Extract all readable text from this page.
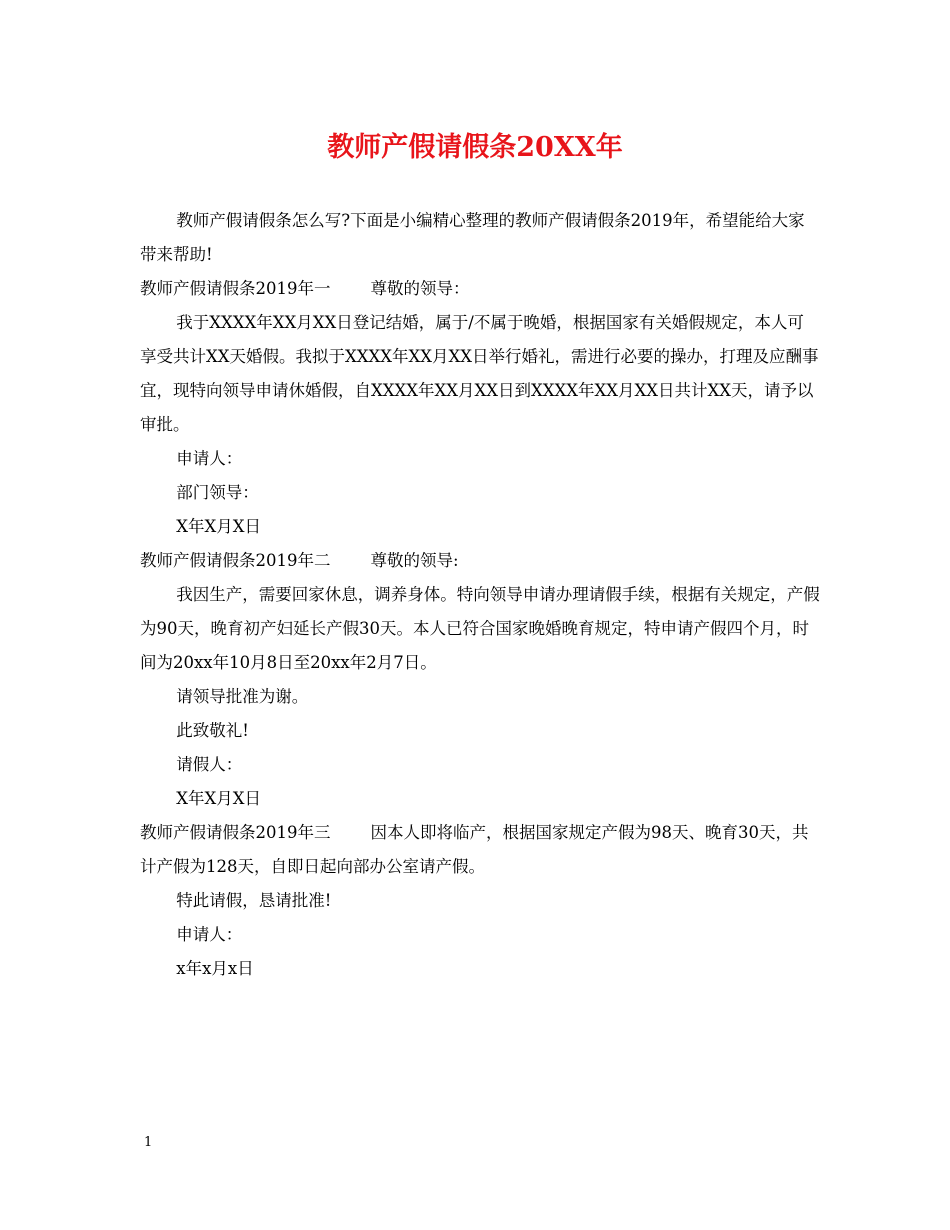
教师产假请假条20XX年

教师产假请假条怎么写?下面是小编精心整理的教师产假请假条2019年，希望能给大家带来帮助!

教师产假请假条2019年一 尊敬的领导：

我于XXXX年XX月XX日登记结婚，属于/不属于晚婚，根据国家有关婚假规定，本人可享受共计XX天婚假。我拟于XXXX年XX月XX日举行婚礼，需进行必要的操办，打理及应酬事宜，现特向领导申请休婚假，自XXXX年XX月XX日到XXXX年XX月XX日共计XX天，请予以审批。

申请人：

部门领导：

X年X月X日

教师产假请假条2019年二 尊敬的领导:

我因生产，需要回家休息，调养身体。特向领导申请办理请假手续，根据有关规定，产假为90天，晚育初产妇延长产假30天。本人已符合国家晚婚晚育规定，特申请产假四个月，时间为20xx年10月8日至20xx年2月7日。

请领导批准为谢。

此致敬礼!

请假人：

X年X月X日

教师产假请假条2019年三 因本人即将临产，根据国家规定产假为98天、晚育30天，共计产假为128天，自即日起向部办公室请产假。

特此请假，恳请批准!

申请人：

x年x月x日

1
